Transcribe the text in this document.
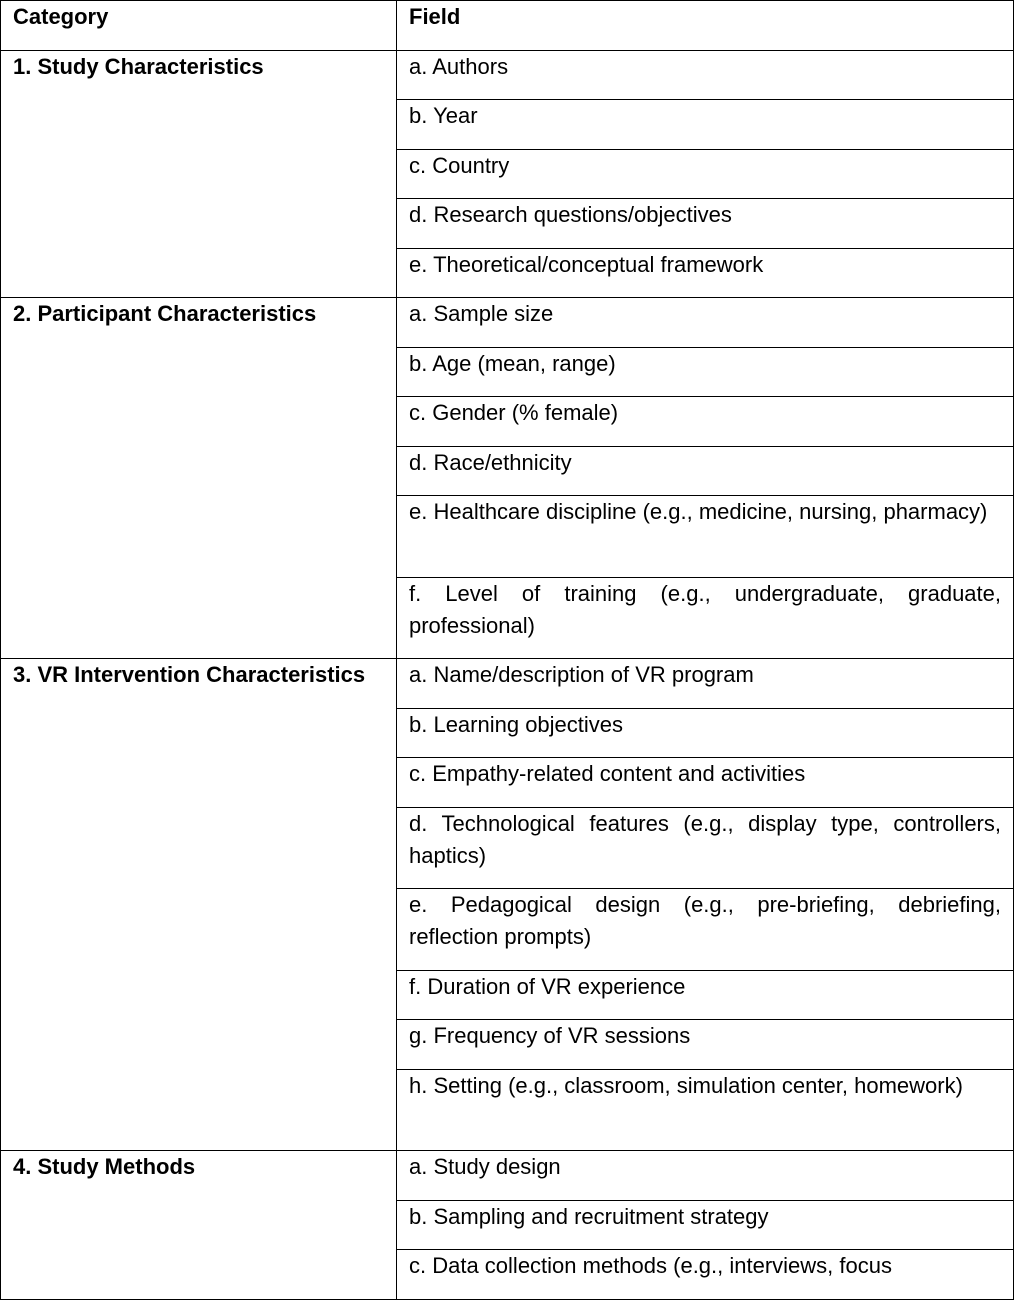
Category	Field
1. Study Characteristics	a. Authors
	b. Year
	c. Country
	d. Research questions/objectives
	e. Theoretical/conceptual framework
2. Participant Characteristics	a. Sample size
	b. Age (mean, range)
	c. Gender (% female)
	d. Race/ethnicity
	e. Healthcare discipline (e.g., medicine, nursing, pharmacy)
	f. Level of training (e.g., undergraduate, graduate, professional)
3. VR Intervention Characteristics	a. Name/description of VR program
	b. Learning objectives
	c. Empathy-related content and activities
	d. Technological features (e.g., display type, controllers, haptics)
	e. Pedagogical design (e.g., pre-briefing, debriefing, reflection prompts)
	f. Duration of VR experience
	g. Frequency of VR sessions
	h. Setting (e.g., classroom, simulation center, homework)
4. Study Methods	a. Study design
	b. Sampling and recruitment strategy
	c. Data collection methods (e.g., interviews, focus
